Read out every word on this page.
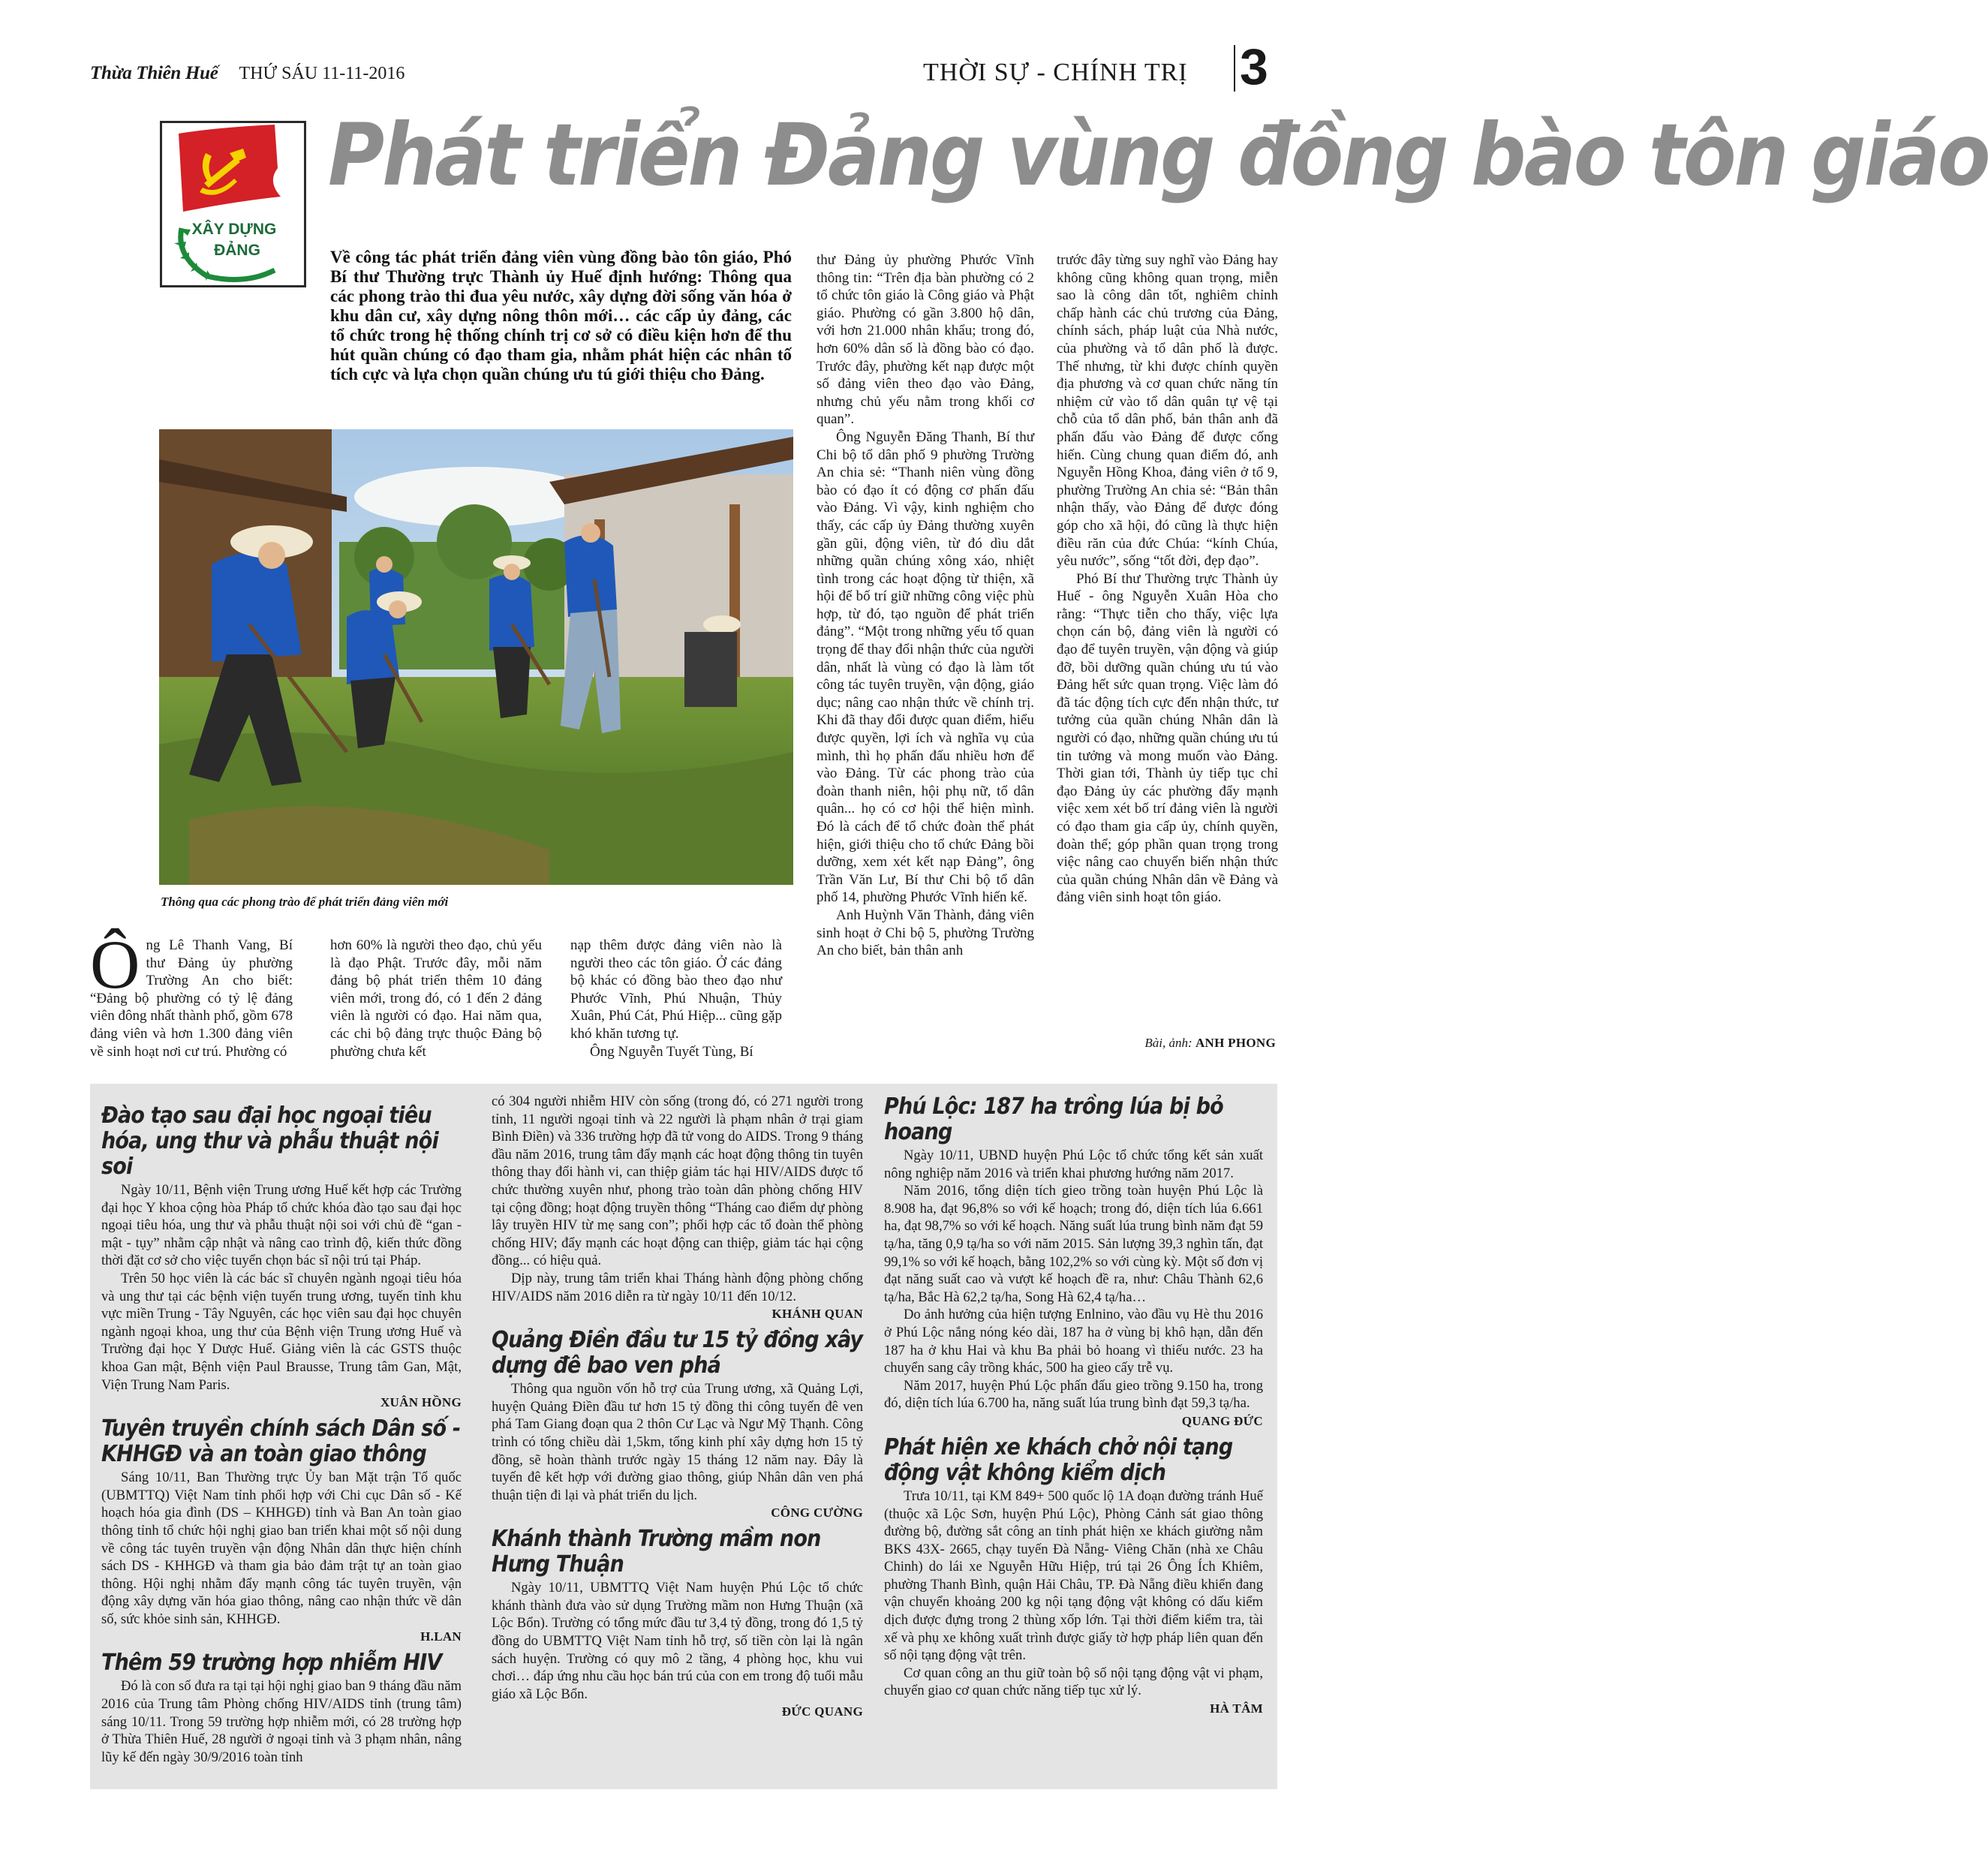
Thừa Thiên Huế THỨ SÁU 11-11-2016	THỜI SỰ - CHÍNH TRỊ 3
XÂY DỰNG
ĐẢNG
Phát triển Đảng vùng đồng bào tôn giáo
Về công tác phát triển đảng viên vùng đồng bào tôn giáo, Phó Bí thư Thường trực Thành ủy Huế định hướng: Thông qua các phong trào thi đua yêu nước, xây dựng đời sống văn hóa ở khu dân cư, xây dựng nông thôn mới… các cấp ủy đảng, các tổ chức trong hệ thống chính trị cơ sở có điều kiện hơn để thu hút quần chúng có đạo tham gia, nhằm phát hiện các nhân tố tích cực và lựa chọn quần chúng ưu tú giới thiệu cho Đảng.
Thông qua các phong trào để phát triển đảng viên mới
Ông Lê Thanh Vang, Bí thư Đảng ủy phường Trường An cho biết: “Đảng bộ phường có tỷ lệ đảng viên đông nhất thành phố, gồm 678 đảng viên và hơn 1.300 đảng viên về sinh hoạt nơi cư trú. Phường có

hơn 60% là người theo đạo, chủ yếu là đạo Phật. Trước đây, mỗi năm đảng bộ phát triển thêm 10 đảng viên mới, trong đó, có 1 đến 2 đảng viên là người có đạo. Hai năm qua, các chi bộ đảng trực thuộc Đảng bộ phường chưa kết

nạp thêm được đảng viên nào là người theo các tôn giáo. Ở các đảng bộ khác có đồng bào theo đạo như Phước Vĩnh, Phú Nhuận, Thủy Xuân, Phú Cát, Phú Hiệp... cũng gặp khó khăn tương tự.

Ông Nguyễn Tuyết Tùng, Bí

thư Đảng ủy phường Phước Vĩnh thông tin: “Trên địa bàn phường có 2 tổ chức tôn giáo là Công giáo và Phật giáo. Phường có gần 3.800 hộ dân, với hơn 21.000 nhân khẩu; trong đó, hơn 60% dân số là đồng bào có đạo. Trước đây, phường kết nạp được một số đảng viên theo đạo vào Đảng, nhưng chủ yếu nằm trong khối cơ quan”.

Ông Nguyễn Đăng Thanh, Bí thư Chi bộ tổ dân phố 9 phường Trường An chia sẻ: “Thanh niên vùng đồng bào có đạo ít có động cơ phấn đấu vào Đảng. Vì vậy, kinh nghiệm cho thấy, các cấp ủy Đảng thường xuyên gần gũi, động viên, từ đó dìu dắt những quần chúng xông xáo, nhiệt tình trong các hoạt động từ thiện, xã hội để bố trí giữ những công việc phù hợp, từ đó, tạo nguồn để phát triển đảng”. “Một trong những yếu tố quan trọng để thay đổi nhận thức của người dân, nhất là vùng có đạo là làm tốt công tác tuyên truyền, vận động, giáo dục; nâng cao nhận thức về chính trị. Khi đã thay đổi được quan điểm, hiểu được quyền, lợi ích và nghĩa vụ của mình, thì họ phấn đấu nhiều hơn để vào Đảng. Từ các phong trào của đoàn thanh niên, hội phụ nữ, tổ dân quân... họ có cơ hội thể hiện mình. Đó là cách để tổ chức đoàn thể phát hiện, giới thiệu cho tổ chức Đảng bồi dưỡng, xem xét kết nạp Đảng”, ông Trần Văn Lư, Bí thư Chi bộ tổ dân phố 14, phường Phước Vĩnh hiến kế.

Anh Huỳnh Văn Thành, đảng viên sinh hoạt ở Chi bộ 5, phường Trường An cho biết, bản thân anh

trước đây từng suy nghĩ vào Đảng hay không cũng không quan trọng, miễn sao là công dân tốt, nghiêm chỉnh chấp hành các chủ trương của Đảng, chính sách, pháp luật của Nhà nước, của phường và tổ dân phố là được. Thế nhưng, từ khi được chính quyền địa phương và cơ quan chức năng tín nhiệm cử vào tổ dân quân tự vệ tại chỗ của tổ dân phố, bản thân anh đã phấn đấu vào Đảng để được cống hiến. Cùng chung quan điểm đó, anh Nguyễn Hồng Khoa, đảng viên ở tổ 9, phường Trường An chia sẻ: “Bản thân nhận thấy, vào Đảng để được đóng góp cho xã hội, đó cũng là thực hiện điều răn của đức Chúa: “kính Chúa, yêu nước”, sống “tốt đời, đẹp đạo”.

Phó Bí thư Thường trực Thành ủy Huế - ông Nguyễn Xuân Hòa cho rằng: “Thực tiễn cho thấy, việc lựa chọn cán bộ, đảng viên là người có đạo để tuyên truyền, vận động và giúp đỡ, bồi dưỡng quần chúng ưu tú vào Đảng hết sức quan trọng. Việc làm đó đã tác động tích cực đến nhận thức, tư tưởng của quần chúng Nhân dân là người có đạo, những quần chúng ưu tú tin tưởng và mong muốn vào Đảng. Thời gian tới, Thành ủy tiếp tục chỉ đạo Đảng ủy các phường đẩy mạnh việc xem xét bố trí đảng viên là người có đạo tham gia cấp ủy, chính quyền, đoàn thể; góp phần quan trọng trong việc nâng cao chuyển biến nhận thức của quần chúng Nhân dân về Đảng và đảng viên sinh hoạt tôn giáo.

Bài, ảnh: ANH PHONG
Đào tạo sau đại học ngoại tiêu hóa, ung thư và phẫu thuật nội soi

Ngày 10/11, Bệnh viện Trung ương Huế kết hợp các Trường đại học Y khoa cộng hòa Pháp tổ chức khóa đào tạo sau đại học ngoại tiêu hóa, ung thư và phẫu thuật nội soi với chủ đề “gan - mật - tụy” nhằm cập nhật và nâng cao trình độ, kiến thức đồng thời đặt cơ sở cho việc tuyển chọn bác sĩ nội trú tại Pháp.

Trên 50 học viên là các bác sĩ chuyên ngành ngoại tiêu hóa và ung thư tại các bệnh viện tuyến trung ương, tuyến tỉnh khu vực miền Trung - Tây Nguyên, các học viên sau đại học chuyên ngành ngoại khoa, ung thư của Bệnh viện Trung ương Huế và Trường đại học Y Dược Huế. Giảng viên là các GSTS thuộc khoa Gan mật, Bệnh viện Paul Brausse, Trung tâm Gan, Mật, Viện Trung Nam Paris.

XUÂN HỒNG
Tuyên truyền chính sách Dân số - KHHGĐ và an toàn giao thông

Sáng 10/11, Ban Thường trực Ủy ban Mặt trận Tổ quốc (UBMTTQ) Việt Nam tỉnh phối hợp với Chi cục Dân số - Kế hoạch hóa gia đình (DS – KHHGĐ) tỉnh và Ban An toàn giao thông tỉnh tổ chức hội nghị giao ban triển khai một số nội dung về công tác tuyên truyền vận động Nhân dân thực hiện chính sách DS - KHHGĐ và tham gia bảo đảm trật tự an toàn giao thông. Hội nghị nhằm đẩy mạnh công tác tuyên truyền, vận động xây dựng văn hóa giao thông, nâng cao nhận thức về dân số, sức khỏe sinh sản, KHHGĐ.

H.LAN
Thêm 59 trường hợp nhiễm HIV

Đó là con số đưa ra tại tại hội nghị giao ban 9 tháng đầu năm 2016 của Trung tâm Phòng chống HIV/AIDS tỉnh (trung tâm) sáng 10/11. Trong 59 trường hợp nhiễm mới, có 28 trường hợp ở Thừa Thiên Huế, 28 người ở ngoại tỉnh và 3 phạm nhân, nâng lũy kế đến ngày 30/9/2016 toàn tỉnh

có 304 người nhiễm HIV còn sống (trong đó, có 271 người trong tỉnh, 11 người ngoại tỉnh và 22 người là phạm nhân ở trại giam Bình Điền) và 336 trường hợp đã tử vong do AIDS. Trong 9 tháng đầu năm 2016, trung tâm đẩy mạnh các hoạt động thông tin tuyên thông thay đổi hành vi, can thiệp giảm tác hại HIV/AIDS được tổ chức thường xuyên như, phong trào toàn dân phòng chống HIV tại cộng đồng; hoạt động truyền thông “Tháng cao điểm dự phòng lây truyền HIV từ mẹ sang con”; phối hợp các tổ đoàn thể phòng chống HIV; đẩy mạnh các hoạt động can thiệp, giảm tác hại cộng đồng... có hiệu quả.

Dịp này, trung tâm triển khai Tháng hành động phòng chống HIV/AIDS năm 2016 diễn ra từ ngày 10/11 đến 10/12.

KHÁNH QUAN
Quảng Điền đầu tư 15 tỷ đồng xây dựng đê bao ven phá

Thông qua nguồn vốn hỗ trợ của Trung ương, xã Quảng Lợi, huyện Quảng Điền đầu tư hơn 15 tỷ đồng thi công tuyến đê ven phá Tam Giang đoạn qua 2 thôn Cư Lạc và Ngư Mỹ Thạnh. Công trình có tổng chiều dài 1,5km, tổng kinh phí xây dựng hơn 15 tỷ đồng, sẽ hoàn thành trước ngày 15 tháng 12 năm nay. Đây là tuyến đê kết hợp với đường giao thông, giúp Nhân dân ven phá thuận tiện đi lại và phát triển du lịch.

CÔNG CƯỜNG
Khánh thành Trường mầm non Hưng Thuận

Ngày 10/11, UBMTTQ Việt Nam huyện Phú Lộc tổ chức khánh thành đưa vào sử dụng Trường mầm non Hưng Thuận (xã Lộc Bổn). Trường có tổng mức đầu tư 3,4 tỷ đồng, trong đó 1,5 tỷ đồng do UBMTTQ Việt Nam tỉnh hỗ trợ, số tiền còn lại là ngân sách huyện. Trường có quy mô 2 tầng, 4 phòng học, khu vui chơi… đáp ứng nhu cầu học bán trú của con em trong độ tuổi mẫu giáo xã Lộc Bổn.

ĐỨC QUANG
Phú Lộc: 187 ha trồng lúa bị bỏ hoang

Ngày 10/11, UBND huyện Phú Lộc tổ chức tổng kết sản xuất nông nghiệp năm 2016 và triển khai phương hướng năm 2017.

Năm 2016, tổng diện tích gieo trồng toàn huyện Phú Lộc là 8.908 ha, đạt 96,8% so với kế hoạch; trong đó, diện tích lúa 6.661 ha, đạt 98,7% so với kế hoạch. Năng suất lúa trung bình năm đạt 59 tạ/ha, tăng 0,9 tạ/ha so với năm 2015. Sản lượng 39,3 nghìn tấn, đạt 99,1% so với kế hoạch, bằng 102,2% so với cùng kỳ. Một số đơn vị đạt năng suất cao và vượt kế hoạch đề ra, như: Châu Thành 62,6 tạ/ha, Bắc Hà 62,2 tạ/ha, Song Hà 62,4 tạ/ha…

Do ảnh hưởng của hiện tượng Enlnino, vào đầu vụ Hè thu 2016 ở Phú Lộc nắng nóng kéo dài, 187 ha ở vùng bị khô hạn, dẫn đến 187 ha ở khu Hai và khu Ba phải bỏ hoang vì thiếu nước. 23 ha chuyển sang cây trồng khác, 500 ha gieo cấy trễ vụ.

Năm 2017, huyện Phú Lộc phấn đấu gieo trồng 9.150 ha, trong đó, diện tích lúa 6.700 ha, năng suất lúa trung bình đạt 59,3 tạ/ha.

QUANG ĐỨC
Phát hiện xe khách chở nội tạng động vật không kiểm dịch

Trưa 10/11, tại KM 849+ 500 quốc lộ 1A đoạn đường tránh Huế (thuộc xã Lộc Sơn, huyện Phú Lộc), Phòng Cảnh sát giao thông đường bộ, đường sắt công an tỉnh phát hiện xe khách giường nằm BKS 43X- 2665, chạy tuyến Đà Nẵng- Viêng Chăn (nhà xe Châu Chinh) do lái xe Nguyễn Hữu Hiệp, trú tại 26 Ông Ích Khiêm, phường Thanh Bình, quận Hải Châu, TP. Đà Nẵng điều khiển đang vận chuyển khoảng 200 kg nội tạng động vật không có dấu kiểm dịch được đựng trong 2 thùng xốp lớn. Tại thời điểm kiểm tra, tài xế và phụ xe không xuất trình được giấy tờ hợp pháp liên quan đến số nội tạng động vật trên.

Cơ quan công an thu giữ toàn bộ số nội tạng động vật vi phạm, chuyển giao cơ quan chức năng tiếp tục xử lý.

HÀ TÂM
